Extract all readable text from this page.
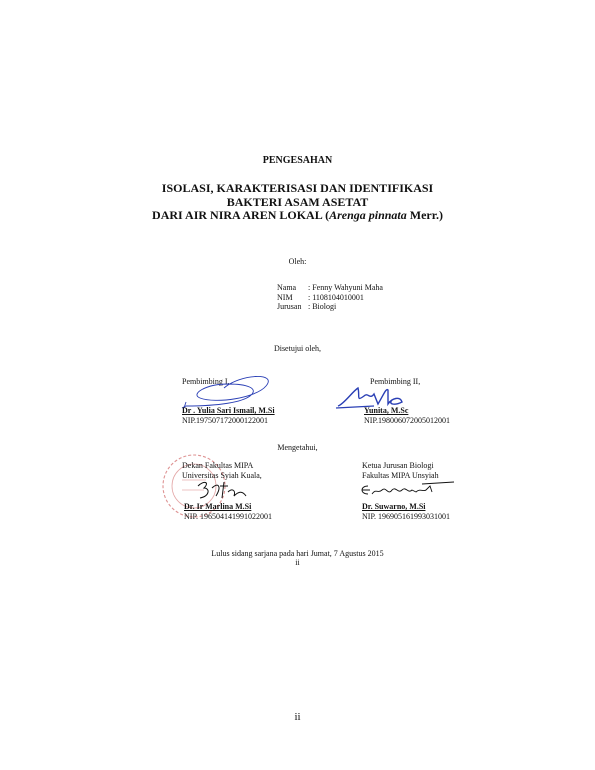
PENGESAHAN
ISOLASI, KARAKTERISASI DAN IDENTIFIKASI
BAKTERI ASAM ASETAT
DARI AIR NIRA AREN LOKAL (Arenga pinnata Merr.)
Oleh:
Nama : Fenny Wahyuni Maha
NIM : 1108104010001
Jurusan : Biologi
Disetujui oleh,
Pembimbing I,
Dr . Yulia Sari Ismail, M.Si
NIP.197507172000122001
Pembimbing II,
Yunita, M.Sc
NIP.198006072005012001
Mengetahui,
Dekan Fakultas MIPA
Universitas Syiah Kuala,
Dr. Ir Marlina M.Si
NIP. 196504141991022001
Ketua Jurusan Biologi
Fakultas MIPA Unsyiah
Dr. Suwarno, M.Si
NIP. 196905161993031001
Lulus sidang sarjana pada hari Jumat, 7 Agustus 2015
ii
ii
